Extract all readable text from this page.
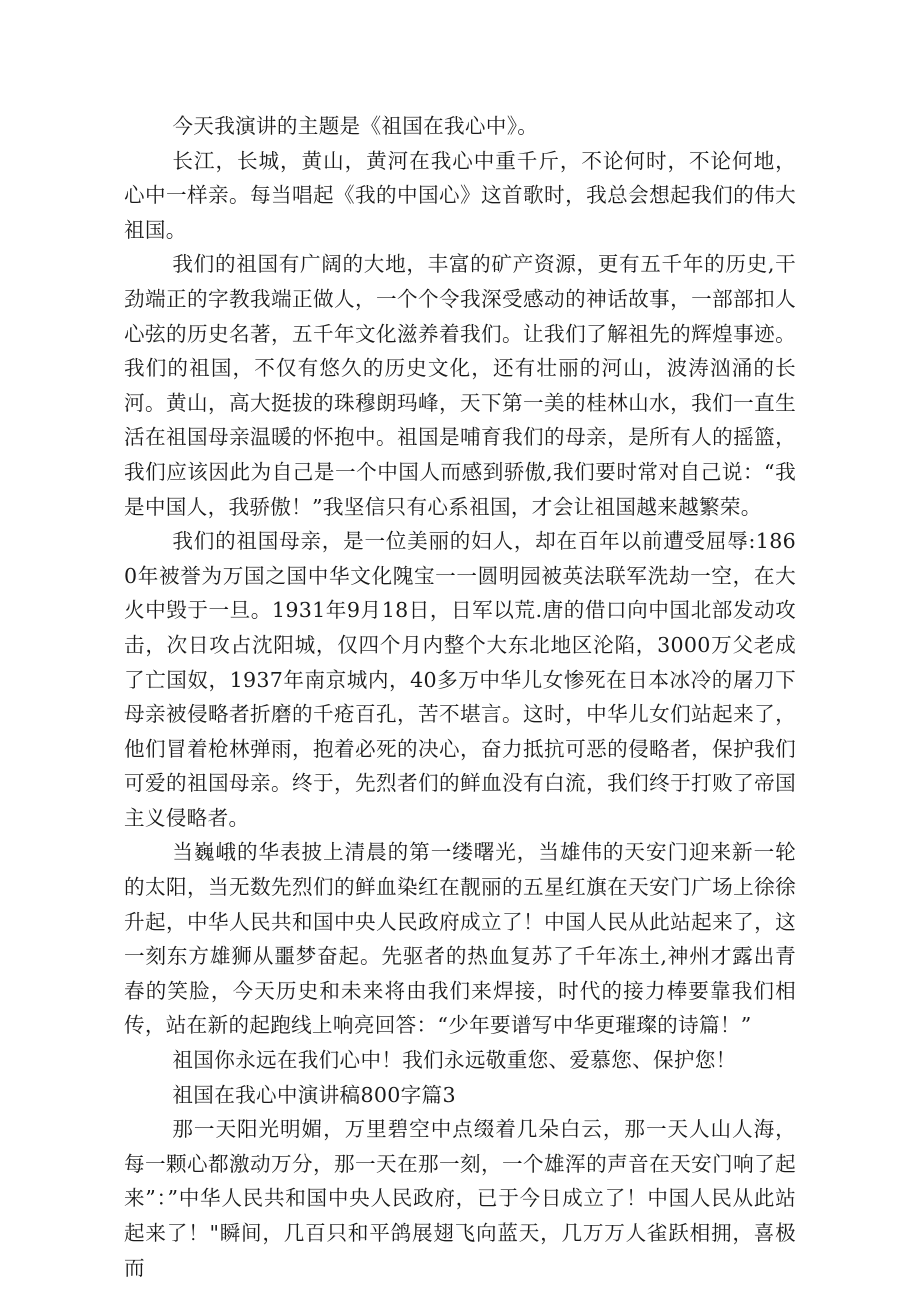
今天我演讲的主题是《祖国在我心中》。

长江，长城，黄山，黄河在我心中重千斤，不论何时，不论何地，心中一样亲。每当唱起《我的中国心》这首歌时，我总会想起我们的伟大祖国。

我们的祖国有广阔的大地，丰富的矿产资源，更有五千年的历史,干劲端正的字教我端正做人，一个个令我深受感动的神话故事，一部部扣人心弦的历史名著，五千年文化滋养着我们。让我们了解祖先的辉煌事迹。我们的祖国，不仅有悠久的历史文化，还有壮丽的河山，波涛汹涌的长河。黄山，高大挺拔的珠穆朗玛峰，天下第一美的桂林山水，我们一直生活在祖国母亲温暖的怀抱中。祖国是哺育我们的母亲，是所有人的摇篮，我们应该因此为自己是一个中国人而感到骄傲,我们要时常对自己说：“我是中国人，我骄傲！”我坚信只有心系祖国，才会让祖国越来越繁荣。

我们的祖国母亲，是一位美丽的妇人，却在百年以前遭受屈辱:1860年被誉为万国之国中华文化隗宝一一圆明园被英法联军洗劫一空，在大火中毁于一旦。1931年9月18日，日军以荒.唐的借口向中国北部发动攻击，次日攻占沈阳城，仅四个月内整个大东北地区沦陷，3000万父老成了亡国奴，1937年南京城内，40多万中华儿女惨死在日本冰冷的屠刀下母亲被侵略者折磨的千疮百孔，苦不堪言。这时，中华儿女们站起来了，他们冒着枪林弹雨，抱着必死的决心，奋力抵抗可恶的侵略者，保护我们可爱的祖国母亲。终于，先烈者们的鲜血没有白流，我们终于打败了帝国主义侵略者。

当巍峨的华表披上清晨的第一缕曙光，当雄伟的天安门迎来新一轮的太阳，当无数先烈们的鲜血染红在靓丽的五星红旗在天安门广场上徐徐升起，中华人民共和国中央人民政府成立了！中国人民从此站起来了，这一刻东方雄狮从噩梦奋起。先驱者的热血复苏了千年冻土,神州才露出青春的笑脸，今天历史和未来将由我们来焊接，时代的接力棒要靠我们相传，站在新的起跑线上响亮回答：“少年要谱写中华更璀璨的诗篇！”

祖国你永远在我们心中！我们永远敬重您、爱慕您、保护您！

祖国在我心中演讲稿800字篇3

那一天阳光明媚，万里碧空中点缀着几朵白云，那一天人山人海，每一颗心都激动万分，那一天在那一刻，一个雄浑的声音在天安门响了起来”：”中华人民共和国中央人民政府，已于今日成立了！中国人民从此站起来了！"瞬间，几百只和平鸽展翅飞向蓝天，几万万人雀跃相拥，喜极而
